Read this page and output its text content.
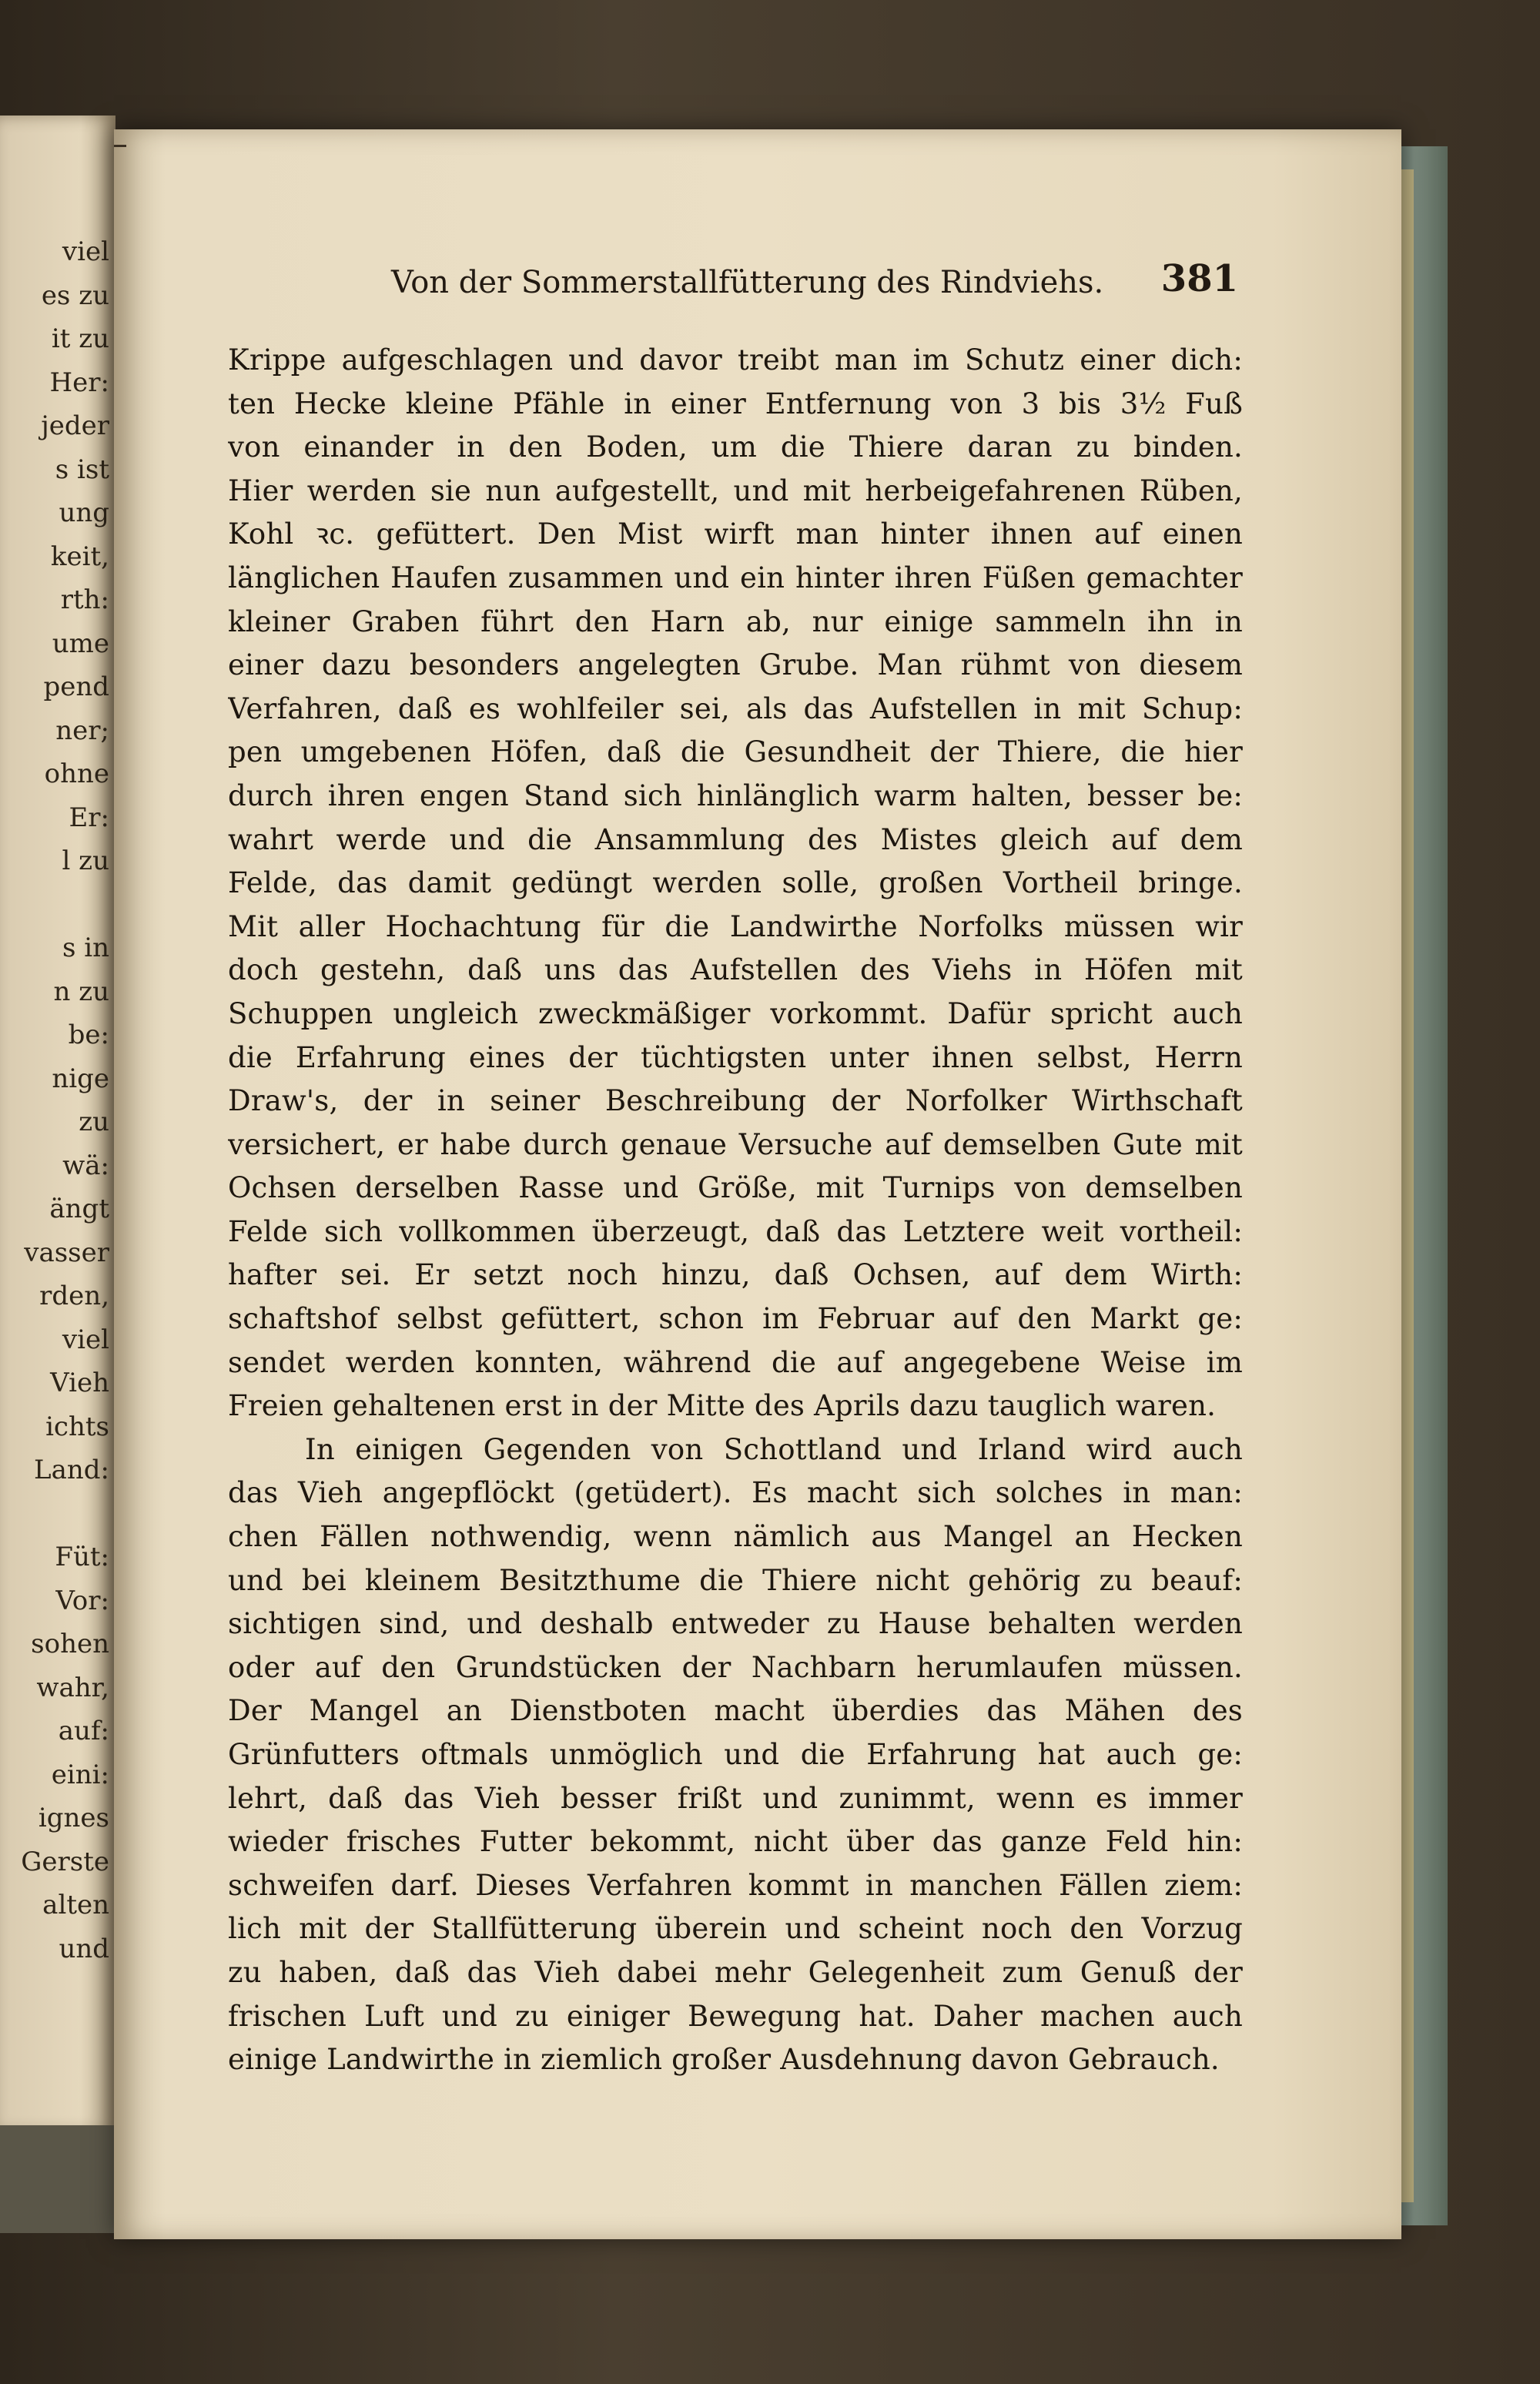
viel
es zu
it zu
Her:
jeder
s ist
ung
keit,
rth:
ume
pend
ner;
ohne
Er:
l zu
s in
n zu
be:
nige
zu
wä:
ängt
vasser
rden,
viel
Vieh
ichts
Land:
Füt:
Vor:
sohen
wahr,
auf:
eini:
ignes
Gerste
alten
und
Von der Sommerstallfütterung des Rindviehs.	381
Krippe aufgeschlagen und davor treibt man im Schutz einer dich:
ten Hecke kleine Pfähle in einer Entfernung von 3 bis 3½ Fuß
von einander in den Boden, um die Thiere daran zu binden.
Hier werden sie nun aufgestellt, und mit herbeigefahrenen Rüben,
Kohl ꝛc. gefüttert. Den Mist wirft man hinter ihnen auf einen
länglichen Haufen zusammen und ein hinter ihren Füßen gemachter
kleiner Graben führt den Harn ab, nur einige sammeln ihn in
einer dazu besonders angelegten Grube. Man rühmt von diesem
Verfahren, daß es wohlfeiler sei, als das Aufstellen in mit Schup:
pen umgebenen Höfen, daß die Gesundheit der Thiere, die hier
durch ihren engen Stand sich hinlänglich warm halten, besser be:
wahrt werde und die Ansammlung des Mistes gleich auf dem
Felde, das damit gedüngt werden solle, großen Vortheil bringe.
Mit aller Hochachtung für die Landwirthe Norfolks müssen wir
doch gestehn, daß uns das Aufstellen des Viehs in Höfen mit
Schuppen ungleich zweckmäßiger vorkommt. Dafür spricht auch
die Erfahrung eines der tüchtigsten unter ihnen selbst, Herrn
Draw's, der in seiner Beschreibung der Norfolker Wirthschaft
versichert, er habe durch genaue Versuche auf demselben Gute mit
Ochsen derselben Rasse und Größe, mit Turnips von demselben
Felde sich vollkommen überzeugt, daß das Letztere weit vortheil:
hafter sei. Er setzt noch hinzu, daß Ochsen, auf dem Wirth:
schaftshof selbst gefüttert, schon im Februar auf den Markt ge:
sendet werden konnten, während die auf angegebene Weise im
Freien gehaltenen erst in der Mitte des Aprils dazu tauglich waren.
In einigen Gegenden von Schottland und Irland wird auch
das Vieh angepflöckt (getüdert). Es macht sich solches in man:
chen Fällen nothwendig, wenn nämlich aus Mangel an Hecken
und bei kleinem Besitzthume die Thiere nicht gehörig zu beauf:
sichtigen sind, und deshalb entweder zu Hause behalten werden
oder auf den Grundstücken der Nachbarn herumlaufen müssen.
Der Mangel an Dienstboten macht überdies das Mähen des
Grünfutters oftmals unmöglich und die Erfahrung hat auch ge:
lehrt, daß das Vieh besser frißt und zunimmt, wenn es immer
wieder frisches Futter bekommt, nicht über das ganze Feld hin:
schweifen darf. Dieses Verfahren kommt in manchen Fällen ziem:
lich mit der Stallfütterung überein und scheint noch den Vorzug
zu haben, daß das Vieh dabei mehr Gelegenheit zum Genuß der
frischen Luft und zu einiger Bewegung hat. Daher machen auch
einige Landwirthe in ziemlich großer Ausdehnung davon Gebrauch.
